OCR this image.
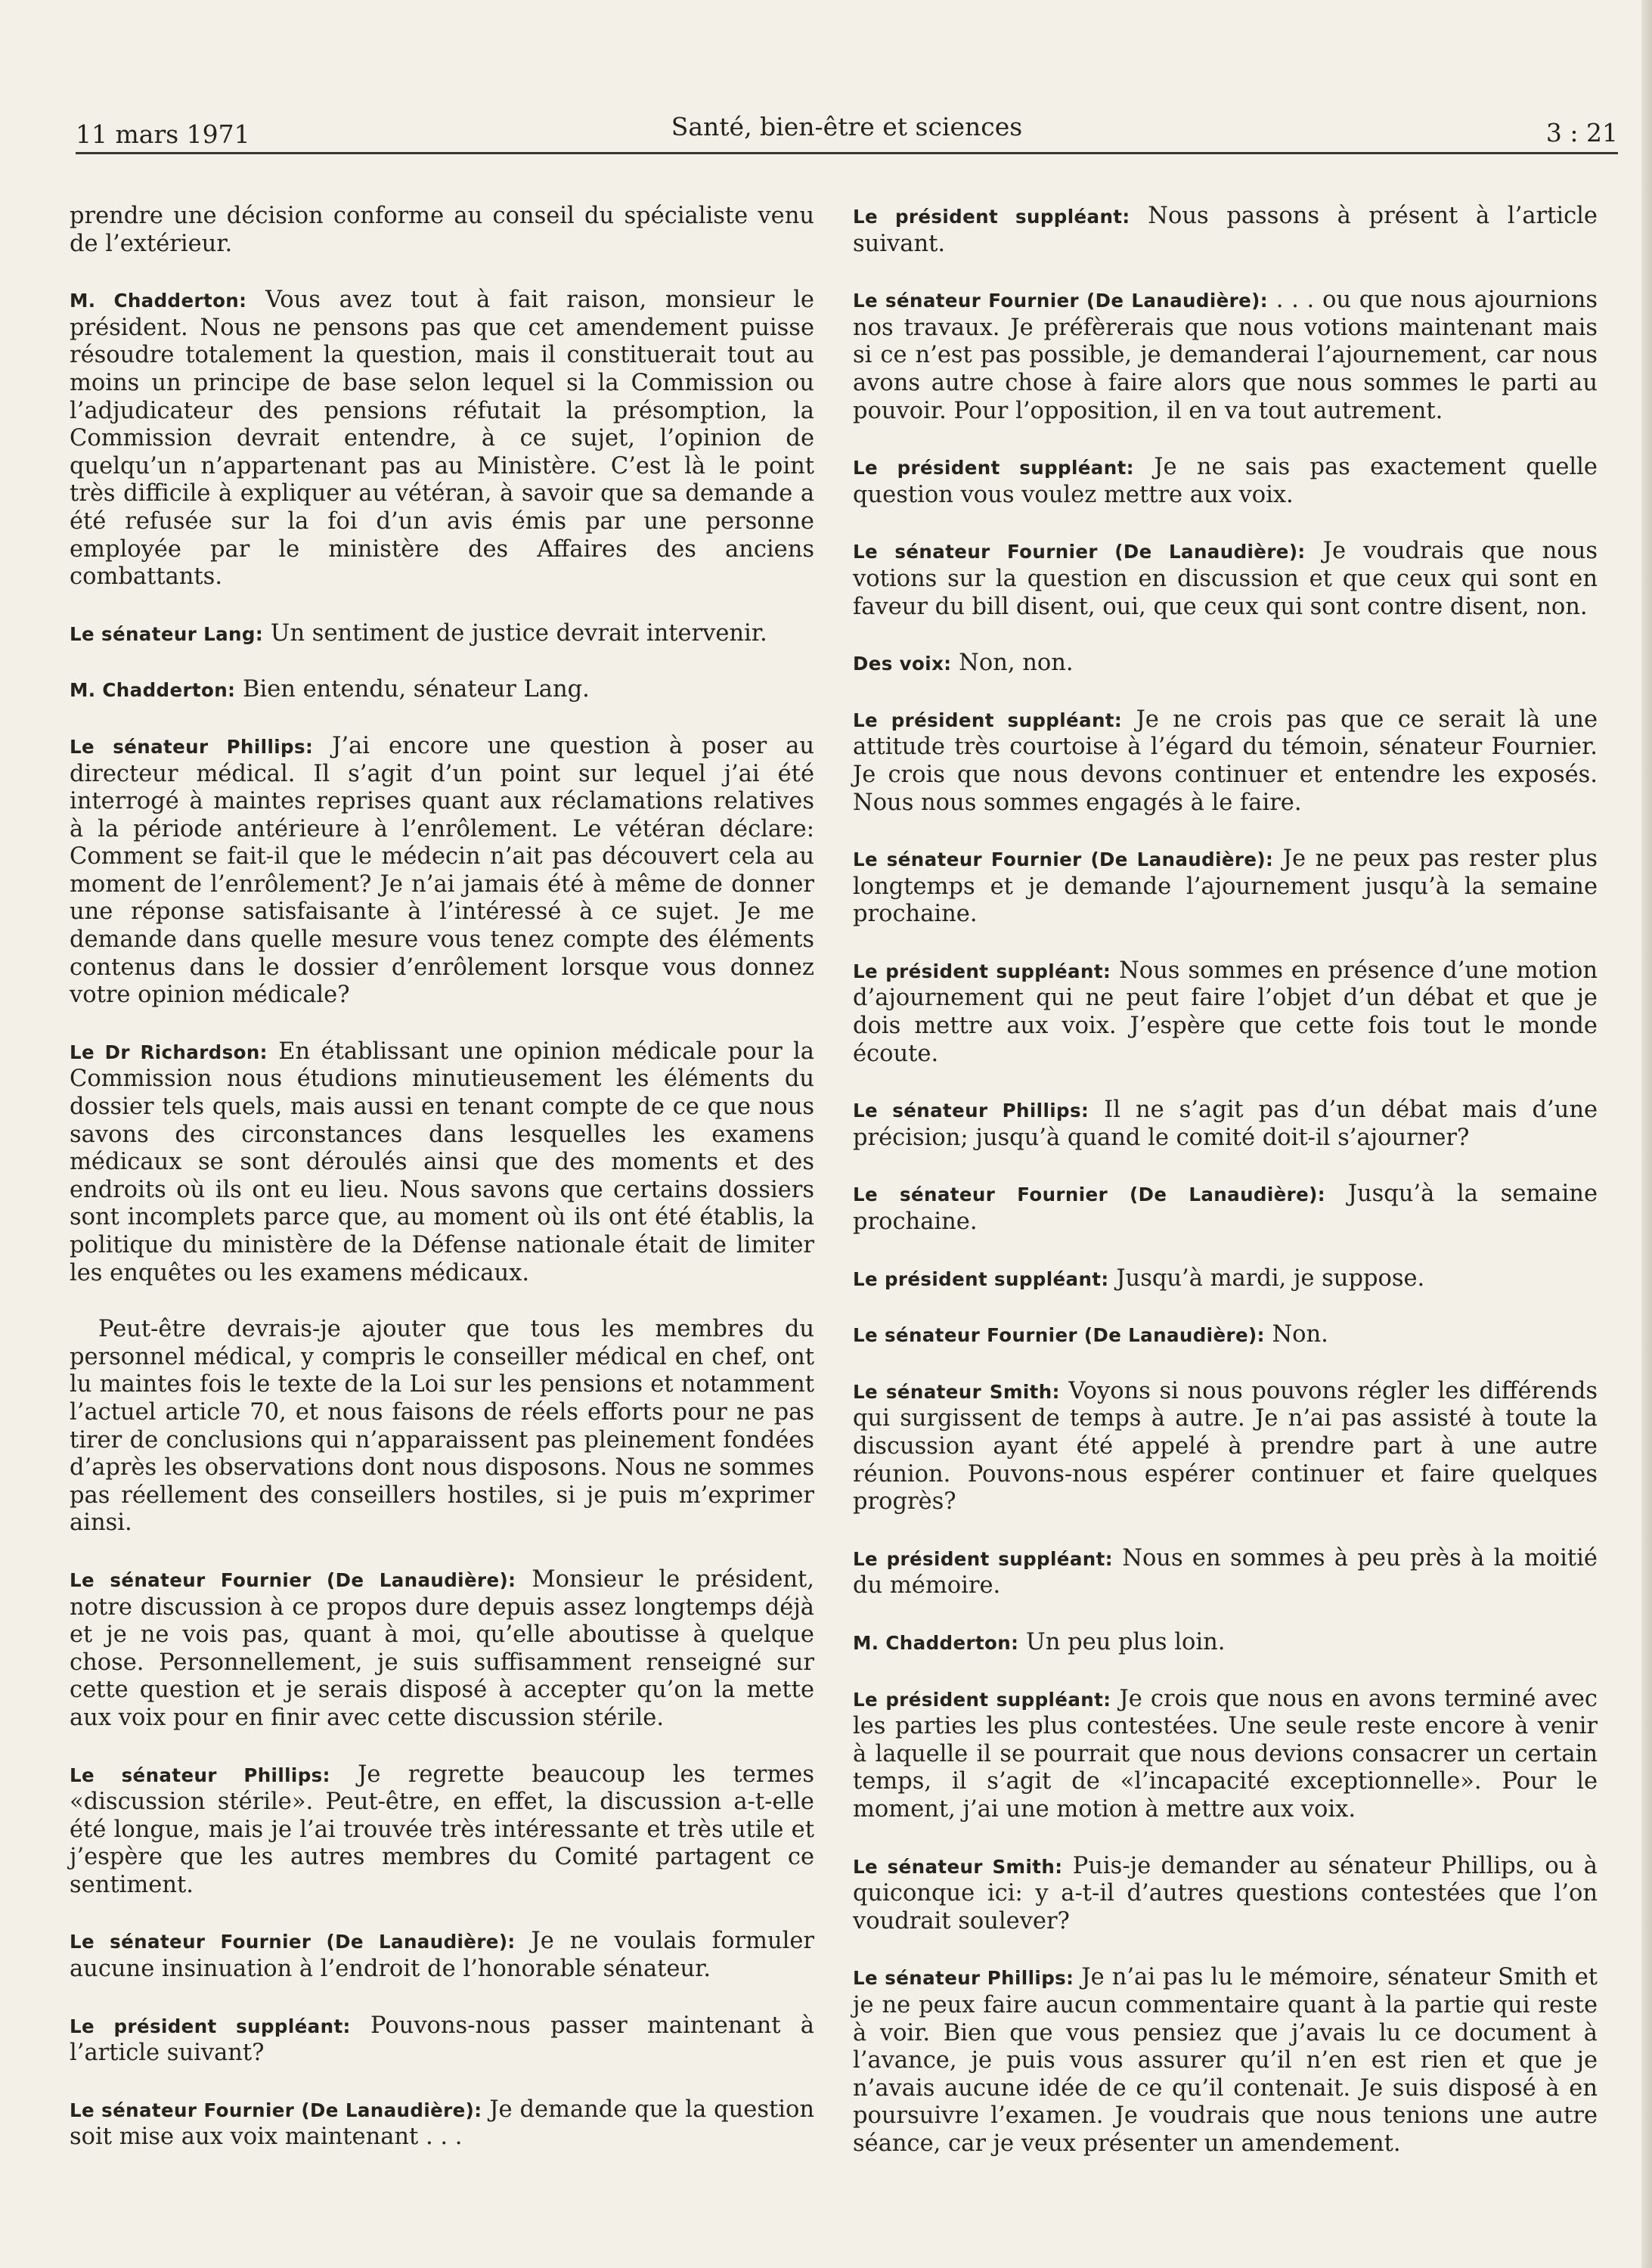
11 mars 1971	Santé, bien-être et sciences	3 : 21

prendre une décision conforme au conseil du spécialiste venu de l’extérieur.

M. Chadderton: Vous avez tout à fait raison, monsieur le président. Nous ne pensons pas que cet amendement puisse résoudre totalement la question, mais il constituerait tout au moins un principe de base selon lequel si la Commission ou l’adjudicateur des pensions réfutait la présomption, la Commission devrait entendre, à ce sujet, l’opinion de quelqu’un n’appartenant pas au Ministère. C’est là le point très difficile à expliquer au vétéran, à savoir que sa demande a été refusée sur la foi d’un avis émis par une personne employée par le ministère des Affaires des anciens combattants.

Le sénateur Lang: Un sentiment de justice devrait intervenir.

M. Chadderton: Bien entendu, sénateur Lang.

Le sénateur Phillips: J’ai encore une question à poser au directeur médical. Il s’agit d’un point sur lequel j’ai été interrogé à maintes reprises quant aux réclamations relatives à la période antérieure à l’enrôlement. Le vétéran déclare: Comment se fait-il que le médecin n’ait pas découvert cela au moment de l’enrôlement? Je n’ai jamais été à même de donner une réponse satisfaisante à l’intéressé à ce sujet. Je me demande dans quelle mesure vous tenez compte des éléments contenus dans le dossier d’enrôlement lorsque vous donnez votre opinion médicale?

Le Dr Richardson: En établissant une opinion médicale pour la Commission nous étudions minutieusement les éléments du dossier tels quels, mais aussi en tenant compte de ce que nous savons des circonstances dans lesquelles les examens médicaux se sont déroulés ainsi que des moments et des endroits où ils ont eu lieu. Nous savons que certains dossiers sont incomplets parce que, au moment où ils ont été établis, la politique du ministère de la Défense nationale était de limiter les enquêtes ou les examens médicaux.

Peut-être devrais-je ajouter que tous les membres du personnel médical, y compris le conseiller médical en chef, ont lu maintes fois le texte de la Loi sur les pensions et notamment l’actuel article 70, et nous faisons de réels efforts pour ne pas tirer de conclusions qui n’apparaissent pas pleinement fondées d’après les observations dont nous disposons. Nous ne sommes pas réellement des conseillers hostiles, si je puis m’exprimer ainsi.

Le sénateur Fournier (De Lanaudière): Monsieur le président, notre discussion à ce propos dure depuis assez longtemps déjà et je ne vois pas, quant à moi, qu’elle aboutisse à quelque chose. Personnellement, je suis suffisamment renseigné sur cette question et je serais disposé à accepter qu’on la mette aux voix pour en finir avec cette discussion stérile.

Le sénateur Phillips: Je regrette beaucoup les termes «discussion stérile». Peut-être, en effet, la discussion a-t-elle été longue, mais je l’ai trouvée très intéressante et très utile et j’espère que les autres membres du Comité partagent ce sentiment.

Le sénateur Fournier (De Lanaudière): Je ne voulais formuler aucune insinuation à l’endroit de l’honorable sénateur.

Le président suppléant: Pouvons-nous passer maintenant à l’article suivant?

Le sénateur Fournier (De Lanaudière): Je demande que la question soit mise aux voix maintenant . . .

Le président suppléant: Nous passons à présent à l’article suivant.

Le sénateur Fournier (De Lanaudière): . . . ou que nous ajournions nos travaux. Je préfèrerais que nous votions maintenant mais si ce n’est pas possible, je demanderai l’ajournement, car nous avons autre chose à faire alors que nous sommes le parti au pouvoir. Pour l’opposition, il en va tout autrement.

Le président suppléant: Je ne sais pas exactement quelle question vous voulez mettre aux voix.

Le sénateur Fournier (De Lanaudière): Je voudrais que nous votions sur la question en discussion et que ceux qui sont en faveur du bill disent, oui, que ceux qui sont contre disent, non.

Des voix: Non, non.

Le président suppléant: Je ne crois pas que ce serait là une attitude très courtoise à l’égard du témoin, sénateur Fournier. Je crois que nous devons continuer et entendre les exposés. Nous nous sommes engagés à le faire.

Le sénateur Fournier (De Lanaudière): Je ne peux pas rester plus longtemps et je demande l’ajournement jusqu’à la semaine prochaine.

Le président suppléant: Nous sommes en présence d’une motion d’ajournement qui ne peut faire l’objet d’un débat et que je dois mettre aux voix. J’espère que cette fois tout le monde écoute.

Le sénateur Phillips: Il ne s’agit pas d’un débat mais d’une précision; jusqu’à quand le comité doit-il s’ajourner?

Le sénateur Fournier (De Lanaudière): Jusqu’à la semaine prochaine.

Le président suppléant: Jusqu’à mardi, je suppose.

Le sénateur Fournier (De Lanaudière): Non.

Le sénateur Smith: Voyons si nous pouvons régler les différends qui surgissent de temps à autre. Je n’ai pas assisté à toute la discussion ayant été appelé à prendre part à une autre réunion. Pouvons-nous espérer continuer et faire quelques progrès?

Le président suppléant: Nous en sommes à peu près à la moitié du mémoire.

M. Chadderton: Un peu plus loin.

Le président suppléant: Je crois que nous en avons terminé avec les parties les plus contestées. Une seule reste encore à venir à laquelle il se pourrait que nous devions consacrer un certain temps, il s’agit de «l’incapacité exceptionnelle». Pour le moment, j’ai une motion à mettre aux voix.

Le sénateur Smith: Puis-je demander au sénateur Phillips, ou à quiconque ici: y a-t-il d’autres questions contestées que l’on voudrait soulever?

Le sénateur Phillips: Je n’ai pas lu le mémoire, sénateur Smith et je ne peux faire aucun commentaire quant à la partie qui reste à voir. Bien que vous pensiez que j’avais lu ce document à l’avance, je puis vous assurer qu’il n’en est rien et que je n’avais aucune idée de ce qu’il contenait. Je suis disposé à en poursuivre l’examen. Je voudrais que nous tenions une autre séance, car je veux présenter un amendement.
